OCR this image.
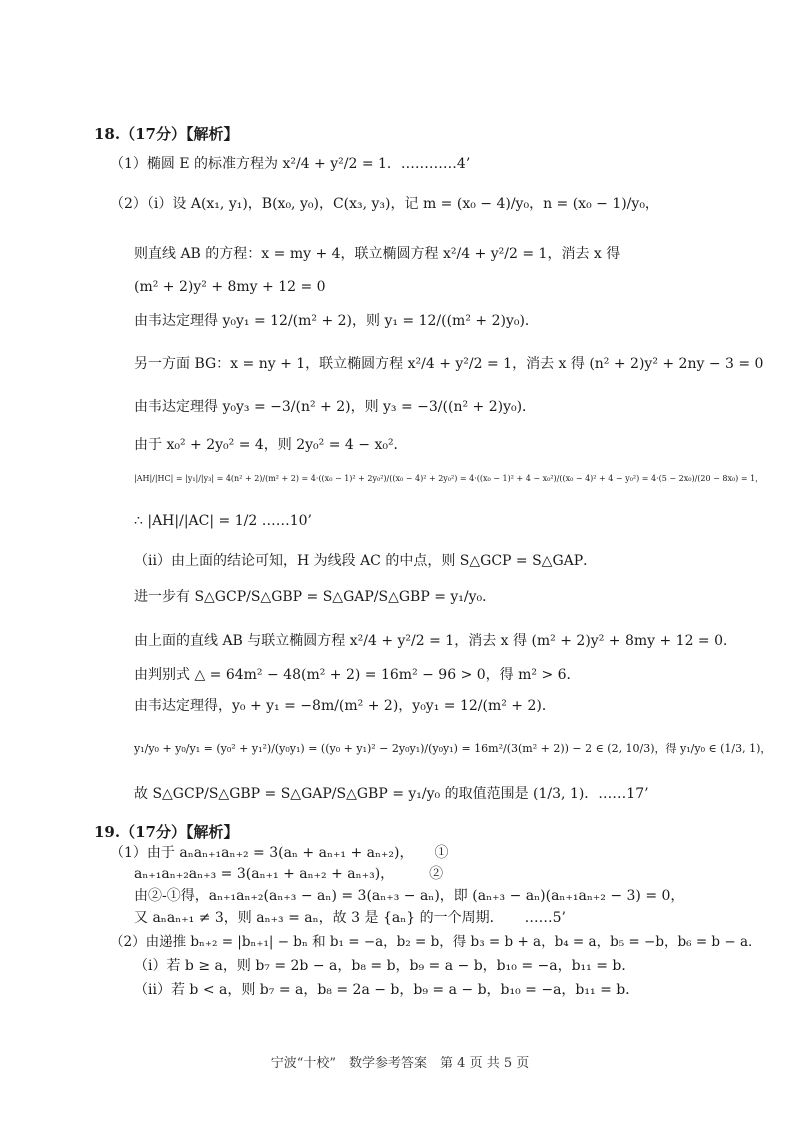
18.（17分）【解析】
（1）椭圆 E 的标准方程为 x²/4 + y²/2 = 1．…………4’
（2）（i）设 A(x₁, y₁)，B(x₀, y₀)，C(x₃, y₃)，记 m = (x₀ − 4)/y₀，n = (x₀ − 1)/y₀，
则直线 AB 的方程：x = my + 4，联立椭圆方程 x²/4 + y²/2 = 1，消去 x 得
(m² + 2)y² + 8my + 12 = 0
由韦达定理得 y₀y₁ = 12/(m² + 2)，则 y₁ = 12/((m² + 2)y₀)．
另一方面 BG：x = ny + 1，联立椭圆方程 x²/4 + y²/2 = 1，消去 x 得 (n² + 2)y² + 2ny − 3 = 0
由韦达定理得 y₀y₃ = −3/(n² + 2)，则 y₃ = −3/((n² + 2)y₀)．
由于 x₀² + 2y₀² = 4，则 2y₀² = 4 − x₀²．
|AH|/|HC| = |y₁|/|y₃| = 4(n² + 2)/(m² + 2) = 4·((x₀ − 1)² + 2y₀²)/((x₀ − 4)² + 2y₀²) = 4·((x₀ − 1)² + 4 − x₀²)/((x₀ − 4)² + 4 − y₀²) = 4·(5 − 2x₀)/(20 − 8x₀) = 1，
∴ |AH|/|AC| = 1/2 ……10’
（ii）由上面的结论可知，H 为线段 AC 的中点，则 S△GCP = S△GAP．
进一步有 S△GCP/S△GBP = S△GAP/S△GBP = y₁/y₀．
由上面的直线 AB 与联立椭圆方程 x²/4 + y²/2 = 1，消去 x 得 (m² + 2)y² + 8my + 12 = 0．
由判别式 △ = 64m² − 48(m² + 2) = 16m² − 96 > 0，得 m² > 6．
由韦达定理得，y₀ + y₁ = −8m/(m² + 2)，y₀y₁ = 12/(m² + 2)．
y₁/y₀ + y₀/y₁ = (y₀² + y₁²)/(y₀y₁) = ((y₀ + y₁)² − 2y₀y₁)/(y₀y₁) = 16m²/(3(m² + 2)) − 2 ∈ (2, 10/3)，得 y₁/y₀ ∈ (1/3, 1)，
故 S△GCP/S△GBP = S△GAP/S△GBP = y₁/y₀ 的取值范围是 (1/3, 1)．……17’
19.（17分）【解析】
（1）由于 aₙaₙ₊₁aₙ₊₂ = 3(aₙ + aₙ₊₁ + aₙ₊₂)，　　①
aₙ₊₁aₙ₊₂aₙ₊₃ = 3(aₙ₊₁ + aₙ₊₂ + aₙ₊₃)，　　　②
由②-①得，aₙ₊₁aₙ₊₂(aₙ₊₃ − aₙ) = 3(aₙ₊₃ − aₙ)，即 (aₙ₊₃ − aₙ)(aₙ₊₁aₙ₊₂ − 3) = 0，
又 aₙaₙ₊₁ ≠ 3，则 aₙ₊₃ = aₙ，故 3 是 {aₙ} 的一个周期．　　……5’
（2）由递推 bₙ₊₂ = |bₙ₊₁| − bₙ 和 b₁ = −a，b₂ = b，得 b₃ = b + a，b₄ = a，b₅ = −b，b₆ = b − a．
（i）若 b ≥ a，则 b₇ = 2b − a，b₈ = b，b₉ = a − b，b₁₀ = −a，b₁₁ = b．
（ii）若 b < a，则 b₇ = a，b₈ = 2a − b，b₉ = a − b，b₁₀ = −a，b₁₁ = b．
宁波“十校”　数学参考答案　第 4 页 共 5 页
